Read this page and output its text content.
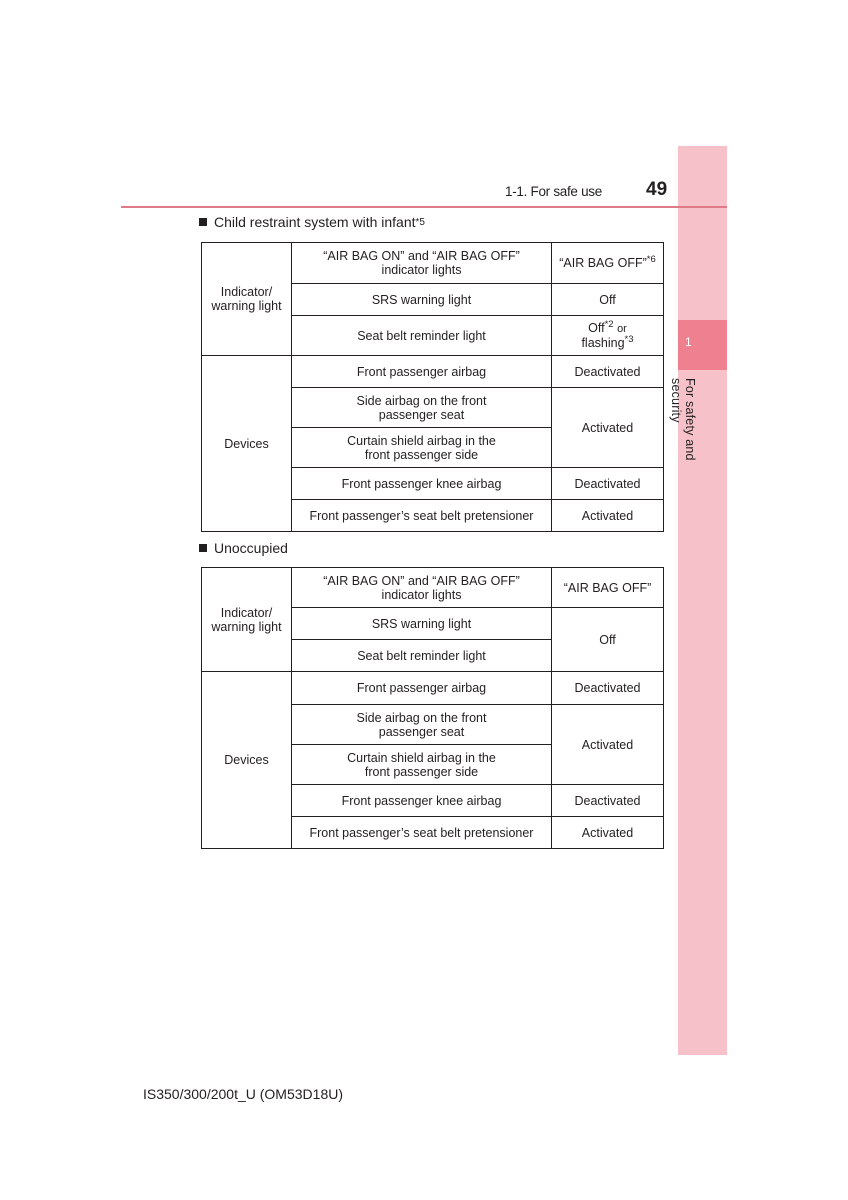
1
For safety and security
1-1. For safe use 49
Child restraint system with infant$^{*5}$
Indicator/ warning light	“AIR BAG ON” and “AIR BAG OFF” indicator lights	“AIR BAG OFF”$^{*6}$
	SRS warning light	Off
	Seat belt reminder light	Off$^{*2}$ or
flashing$^{*3}$
Devices	Front passenger airbag	Deactivated
	Side airbag on the front passenger seat	Activated
	Curtain shield airbag in the front passenger side	
	Front passenger knee airbag	Deactivated
	Front passenger’s seat belt pretensioner	Activated
Unoccupied
Indicator/ warning light	“AIR BAG ON” and “AIR BAG OFF” indicator lights	“AIR BAG OFF”
	SRS warning light	Off
	Seat belt reminder light	
Devices	Front passenger airbag	Deactivated
	Side airbag on the front passenger seat	Activated
	Curtain shield airbag in the front passenger side	
	Front passenger knee airbag	Deactivated
	Front passenger’s seat belt pretensioner	Activated
IS350/300/200t_U (OM53D18U)
